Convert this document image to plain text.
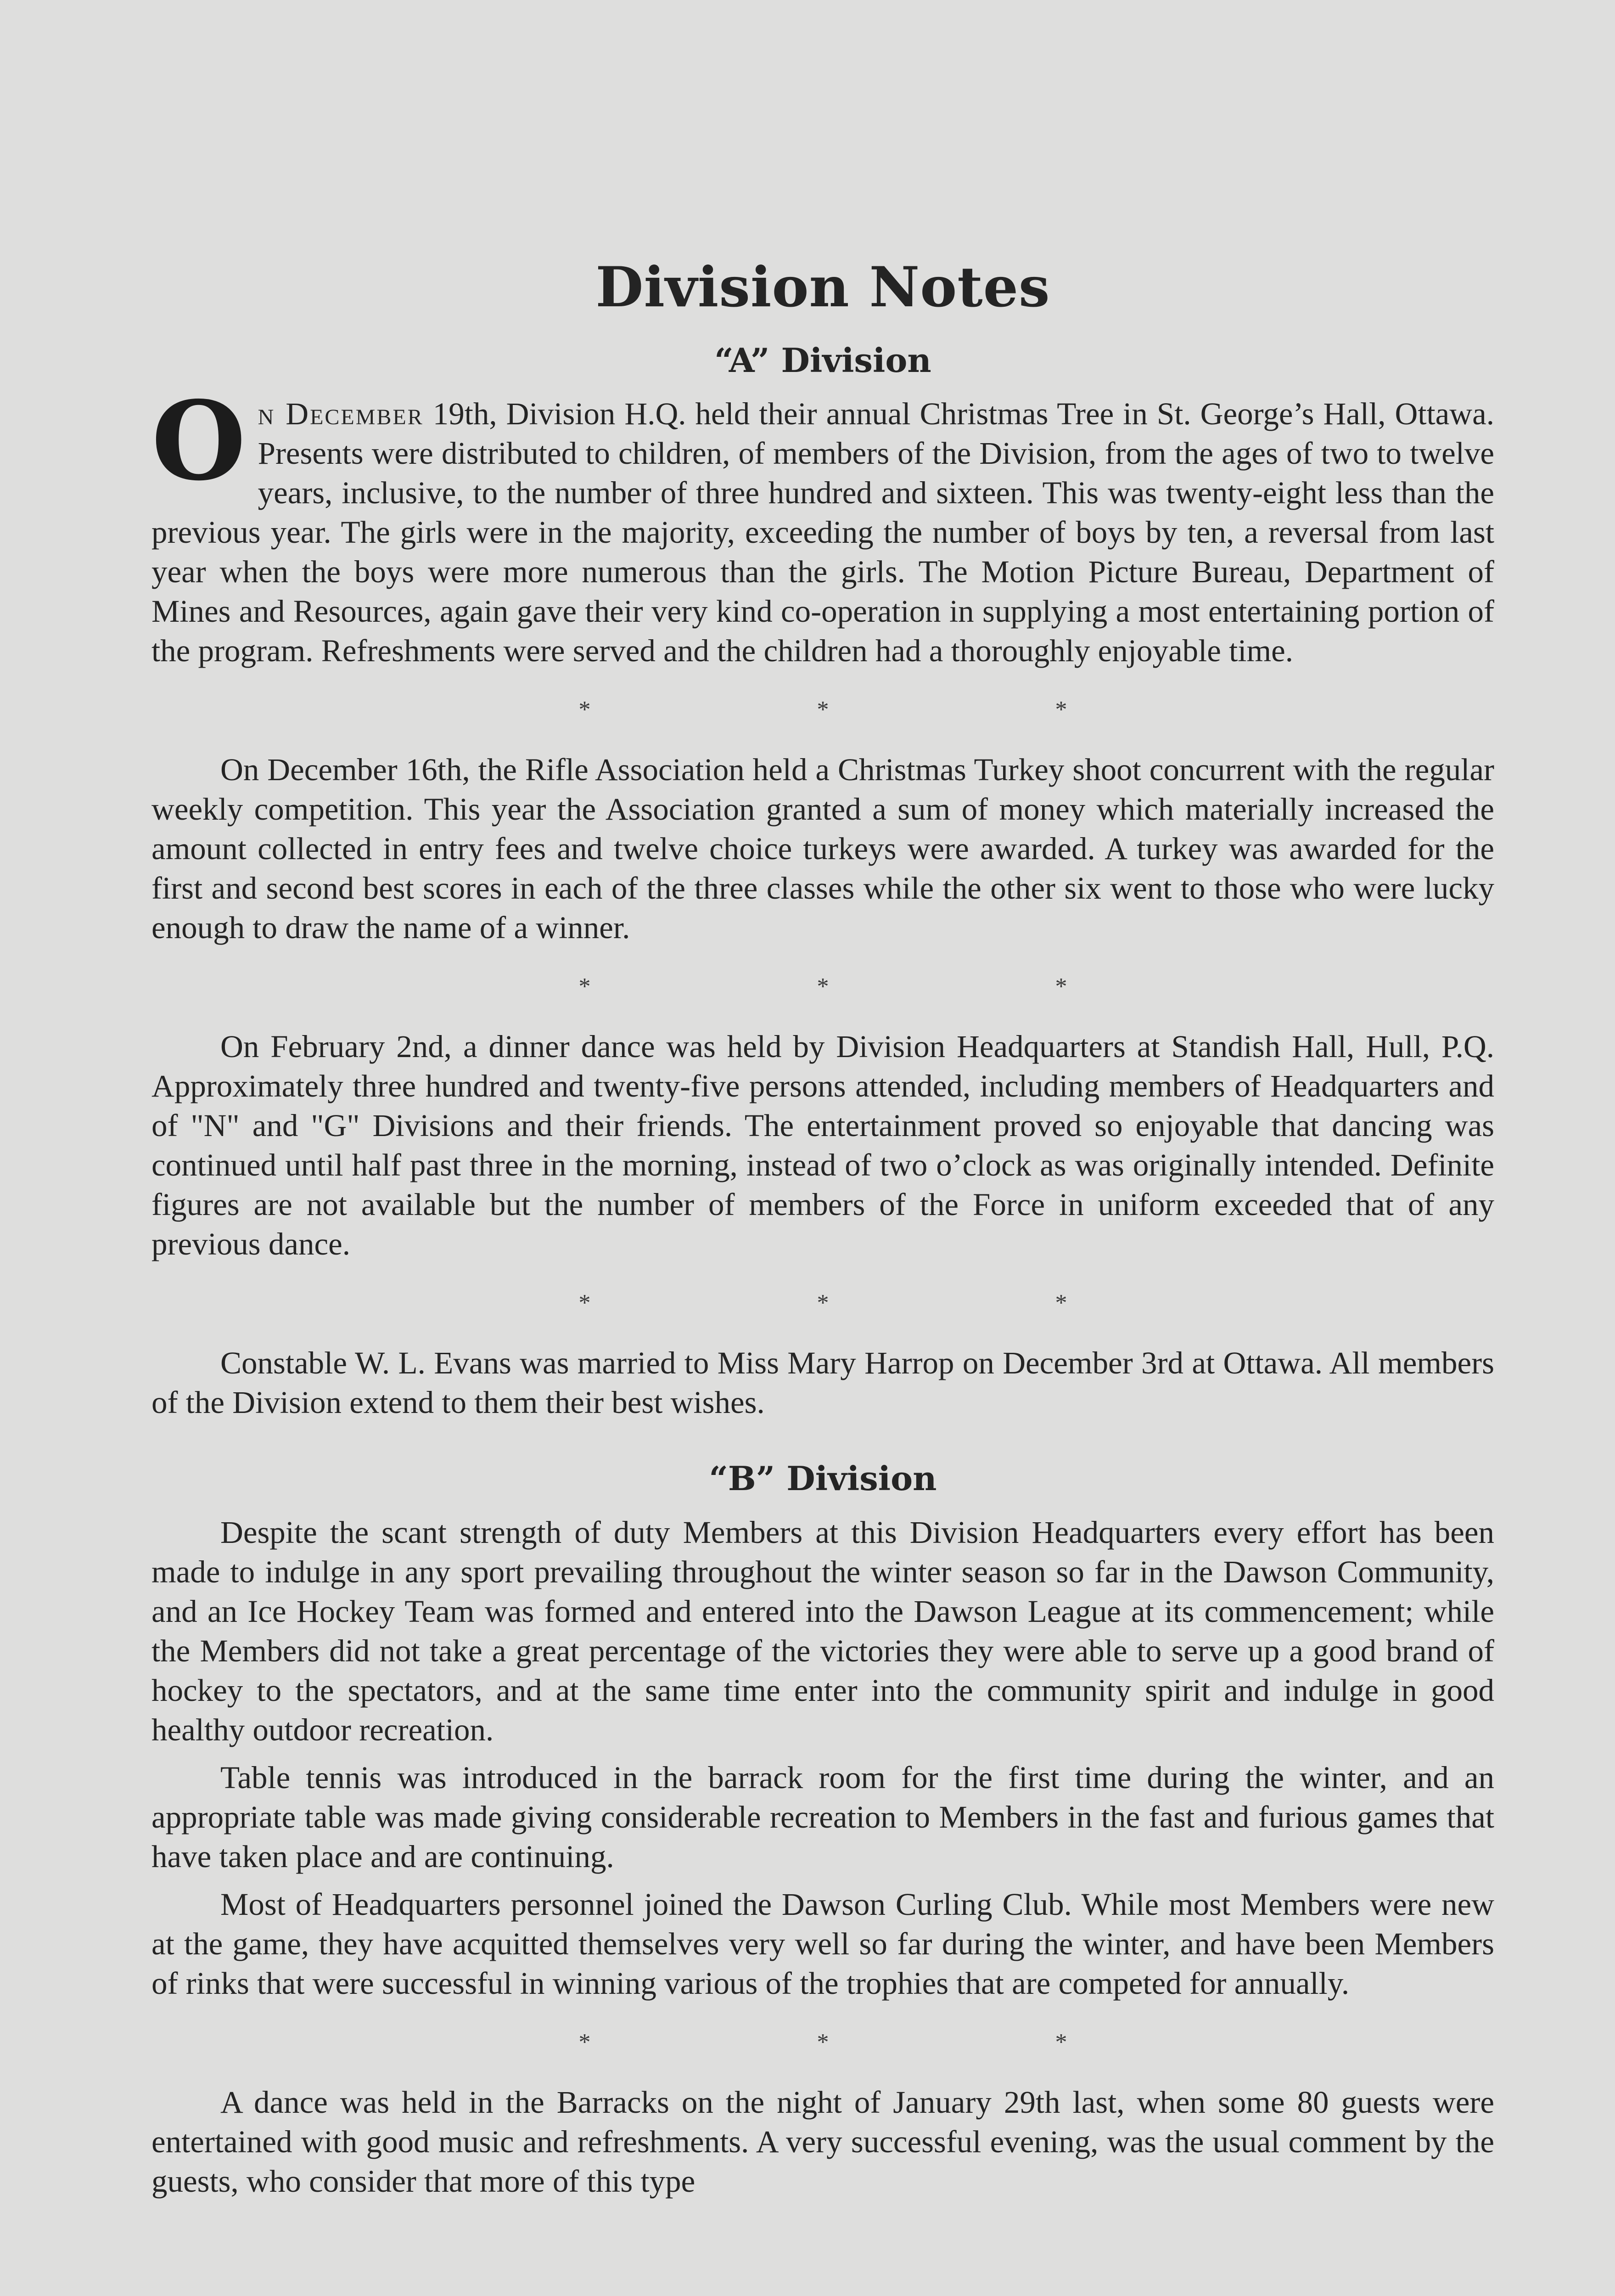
Division Notes
“A” Division

On December 19th, Division H.Q. held their annual Christmas Tree in St. George’s Hall, Ottawa. Presents were distributed to children, of members of the Division, from the ages of two to twelve years, inclusive, to the number of three hundred and sixteen. This was twenty-eight less than the previous year. The girls were in the majority, exceeding the number of boys by ten, a reversal from last year when the boys were more numerous than the girls. The Motion Picture Bureau, Department of Mines and Resources, again gave their very kind co-operation in supplying a most entertaining portion of the program. Refreshments were served and the children had a thoroughly enjoyable time.

* * *

On December 16th, the Rifle Association held a Christmas Turkey shoot concurrent with the regular weekly competition. This year the Association granted a sum of money which materially increased the amount collected in entry fees and twelve choice turkeys were awarded. A turkey was awarded for the first and second best scores in each of the three classes while the other six went to those who were lucky enough to draw the name of a winner.

* * *

On February 2nd, a dinner dance was held by Division Headquarters at Standish Hall, Hull, P.Q. Approximately three hundred and twenty-five persons attended, including members of Headquarters and of "N" and "G" Divisions and their friends. The entertainment proved so enjoyable that dancing was continued until half past three in the morning, instead of two o’clock as was originally intended. Definite figures are not available but the number of members of the Force in uniform exceeded that of any previous dance.

* * *

Constable W. L. Evans was married to Miss Mary Harrop on December 3rd at Ottawa. All members of the Division extend to them their best wishes.

“B” Division

Despite the scant strength of duty Members at this Division Headquarters every effort has been made to indulge in any sport prevailing throughout the winter season so far in the Dawson Community, and an Ice Hockey Team was formed and entered into the Dawson League at its commencement; while the Members did not take a great percentage of the victories they were able to serve up a good brand of hockey to the spectators, and at the same time enter into the community spirit and indulge in good healthy outdoor recreation.

Table tennis was introduced in the barrack room for the first time during the winter, and an appropriate table was made giving considerable recreation to Members in the fast and furious games that have taken place and are continuing.

Most of Headquarters personnel joined the Dawson Curling Club. While most Members were new at the game, they have acquitted themselves very well so far during the winter, and have been Members of rinks that were successful in winning various of the trophies that are competed for annually.

* * *

A dance was held in the Barracks on the night of January 29th last, when some 80 guests were entertained with good music and refreshments. A very successful evening, was the usual comment by the guests, who consider that more of this type
